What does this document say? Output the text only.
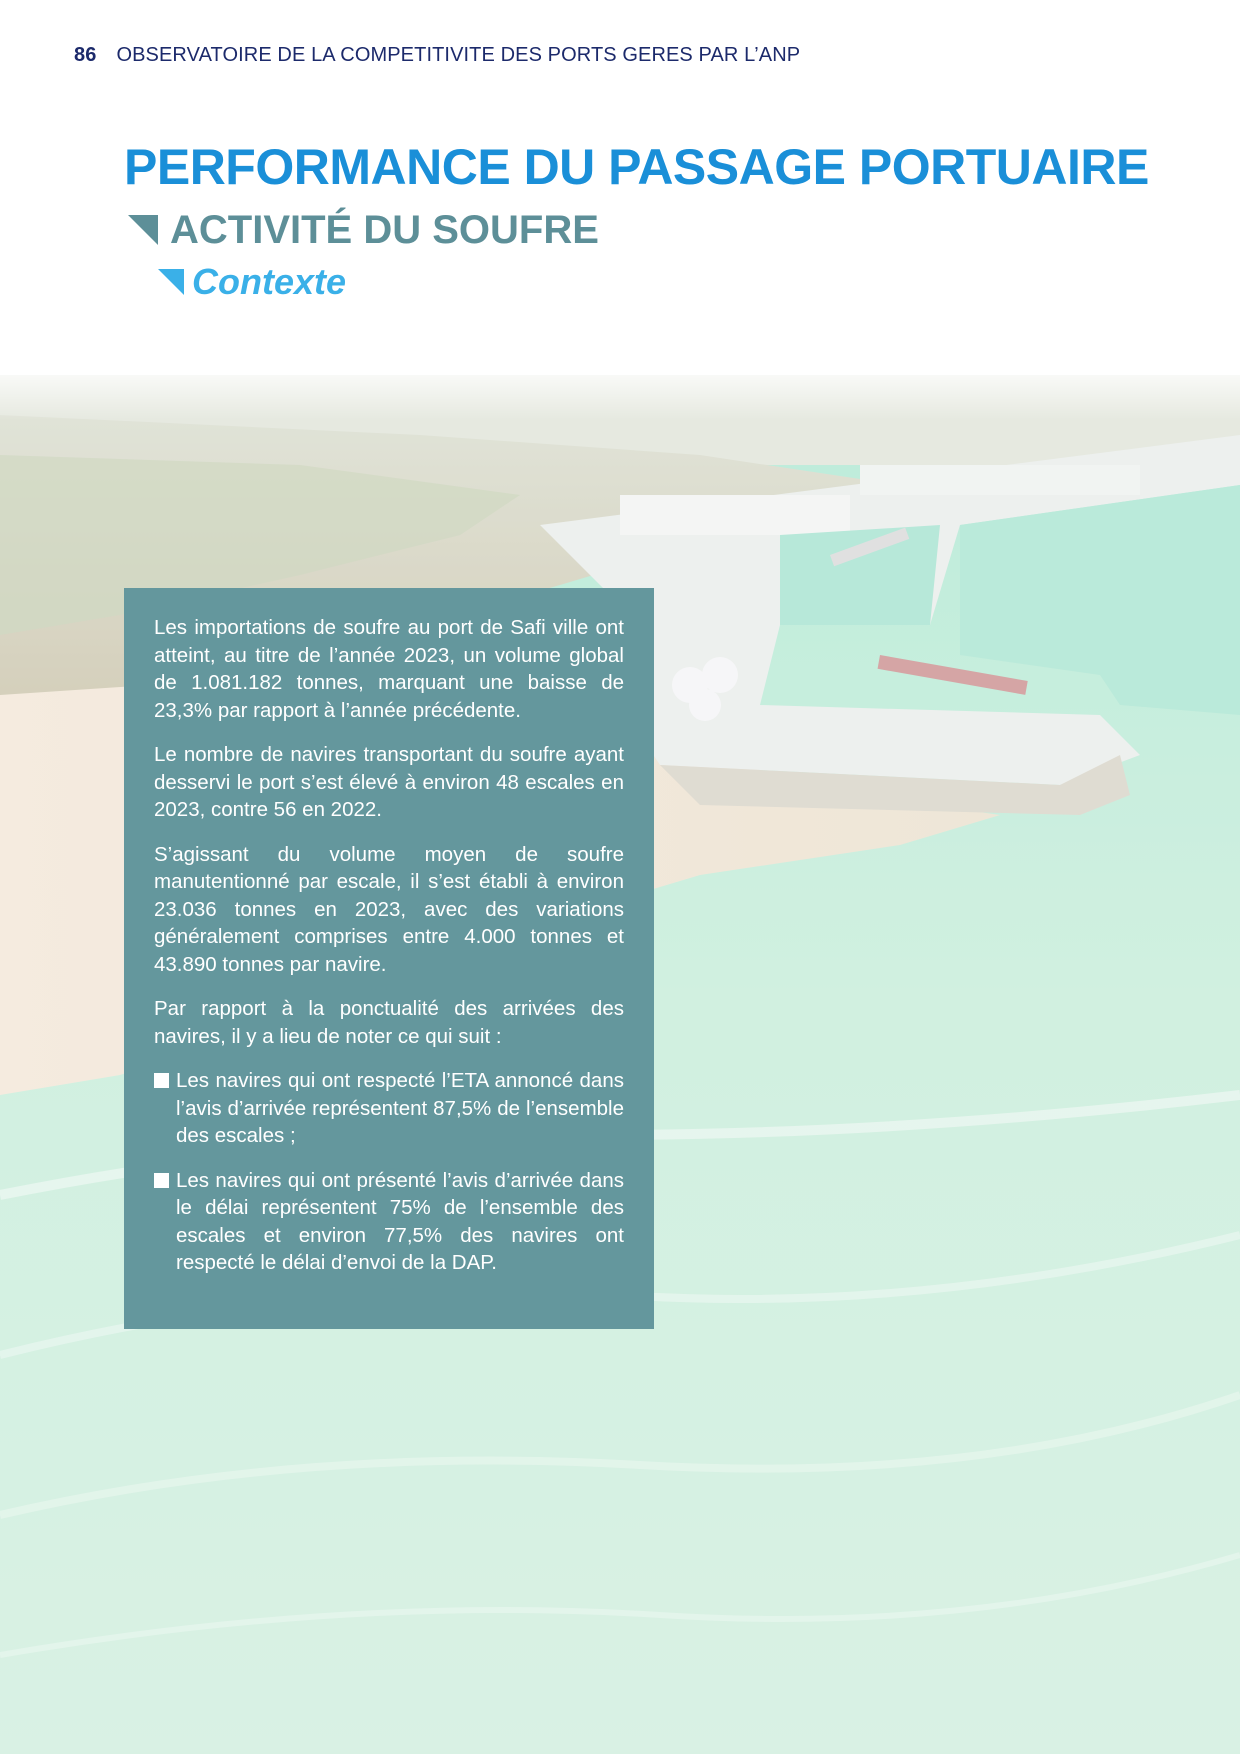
86 OBSERVATOIRE DE LA COMPETITIVITE DES PORTS GERES PAR L’ANP
PERFORMANCE DU PASSAGE PORTUAIRE
ACTIVITÉ DU SOUFRE
Contexte

Les importations de soufre au port de Safi ville ont atteint, au titre de l’année 2023, un volume global de 1.081.182 tonnes, marquant une baisse de 23,3% par rapport à l’année précédente.

Le nombre de navires transportant du soufre ayant desservi le port s’est élevé à environ 48 escales en 2023, contre 56 en 2022.

S’agissant du volume moyen de soufre manutentionné par escale, il s’est établi à environ 23.036 tonnes en 2023, avec des variations généralement comprises entre 4.000 tonnes et 43.890 tonnes par navire.

Par rapport à la ponctualité des arrivées des navires, il y a lieu de noter ce qui suit :

Les navires qui ont respecté l’ETA annoncé dans l’avis d’arrivée représentent 87,5% de l’ensemble des escales ;
Les navires qui ont présenté l’avis d’arrivée dans le délai représentent 75% de l’ensemble des escales et environ 77,5% des navires ont respecté le délai d’envoi de la DAP.
